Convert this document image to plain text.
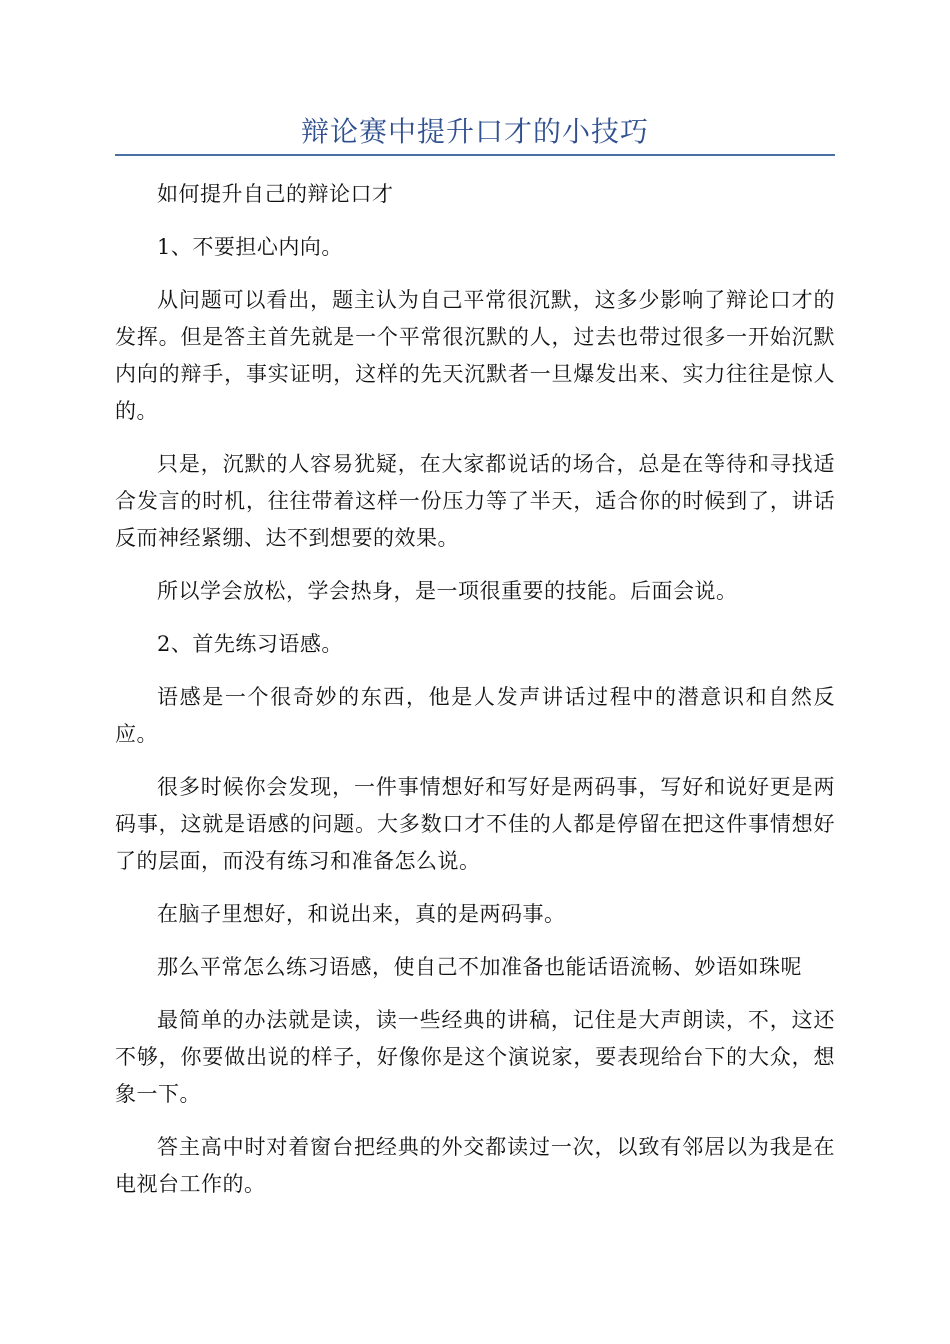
辩论赛中提升口才的小技巧

如何提升自己的辩论口才

1、不要担心内向。

从问题可以看出，题主认为自己平常很沉默，这多少影响了辩论口才的发挥。但是答主首先就是一个平常很沉默的人，过去也带过很多一开始沉默内向的辩手，事实证明，这样的先天沉默者一旦爆发出来、实力往往是惊人的。

只是，沉默的人容易犹疑，在大家都说话的场合，总是在等待和寻找适合发言的时机，往往带着这样一份压力等了半天，适合你的时候到了，讲话反而神经紧绷、达不到想要的效果。

所以学会放松，学会热身，是一项很重要的技能。后面会说。

2、首先练习语感。

语感是一个很奇妙的东西，他是人发声讲话过程中的潜意识和自然反应。

很多时候你会发现，一件事情想好和写好是两码事，写好和说好更是两码事，这就是语感的问题。大多数口才不佳的人都是停留在把这件事情想好了的层面，而没有练习和准备怎么说。

在脑子里想好，和说出来，真的是两码事。

那么平常怎么练习语感，使自己不加准备也能话语流畅、妙语如珠呢

最简单的办法就是读，读一些经典的讲稿，记住是大声朗读，不，这还不够，你要做出说的样子，好像你是这个演说家，要表现给台下的大众，想象一下。

答主高中时对着窗台把经典的外交都读过一次，以致有邻居以为我是在电视台工作的。
